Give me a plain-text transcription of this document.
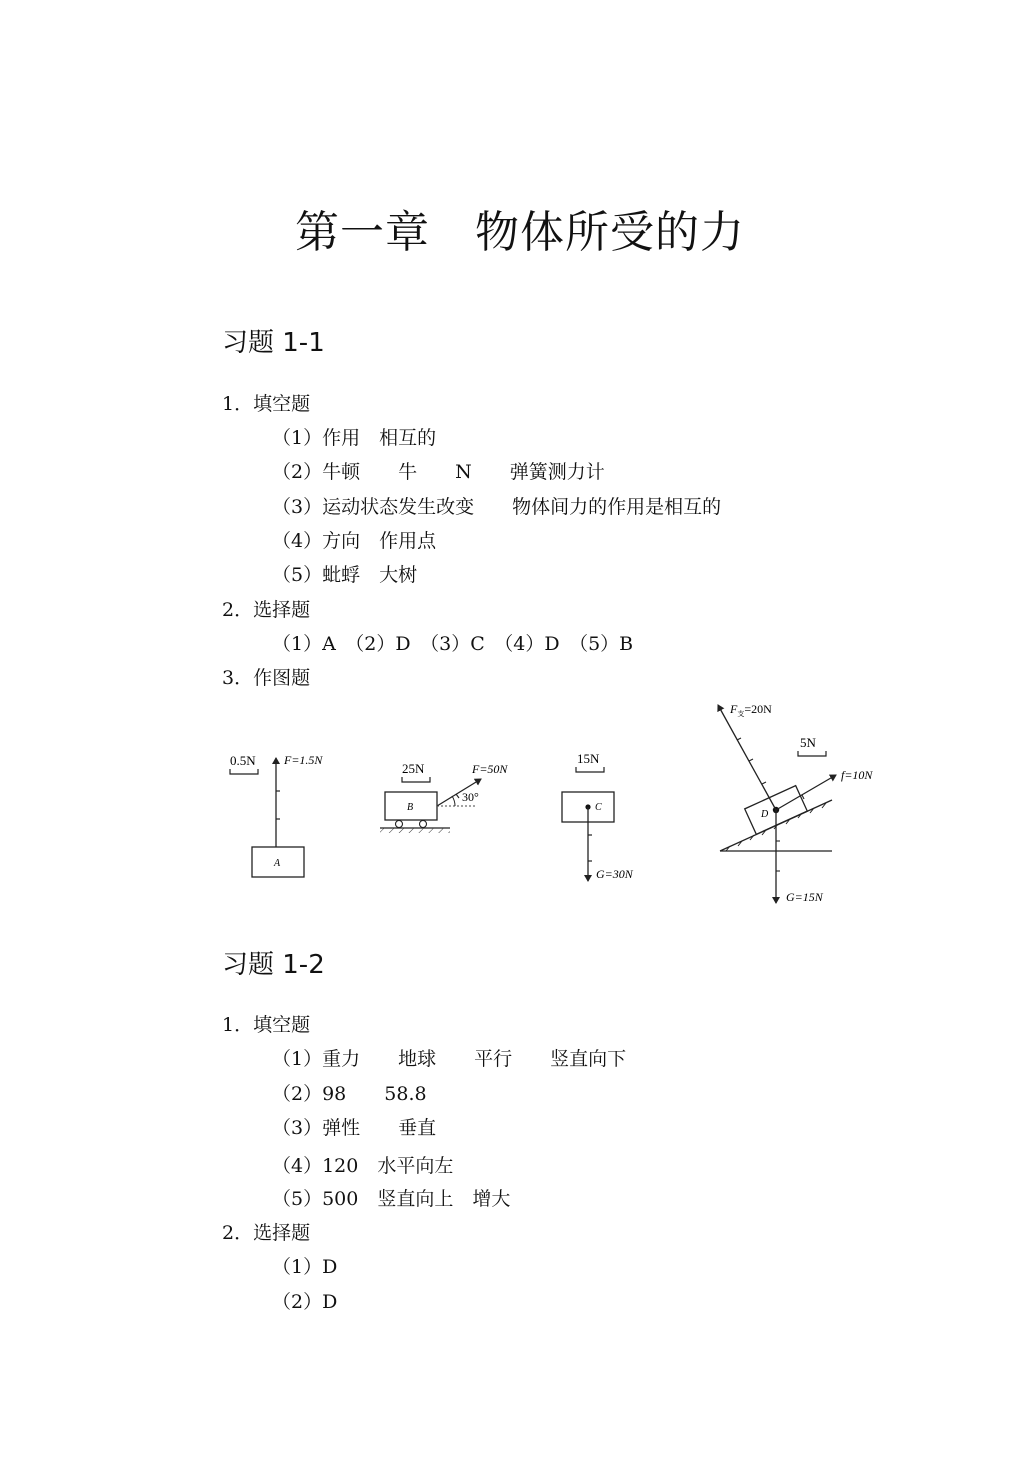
第一章　物体所受的力
习题 1-1
1．填空题
（1）作用　相互的
（2）牛顿　　牛　　N　　弹簧测力计
（3）运动状态发生改变　　物体间力的作用是相互的
（4）方向　作用点
（5）蚍蜉　大树
2．选择题
（1）A　（2）D　（3）C　（4）D　（5）B
3．作图题
0.5N F=1.5N
A
25N
B
30°
F=50N
15N
C
G=30N
5N
D
$F_支=20N$
f=10N
G=15N
习题 1-2
1．填空题
（1）重力　　地球　　平行　　竖直向下
（2）98　　58.8
（3）弹性　　垂直
（4）120　水平向左
（5）500　竖直向上　增大
2．选择题
（1）D
（2）D
